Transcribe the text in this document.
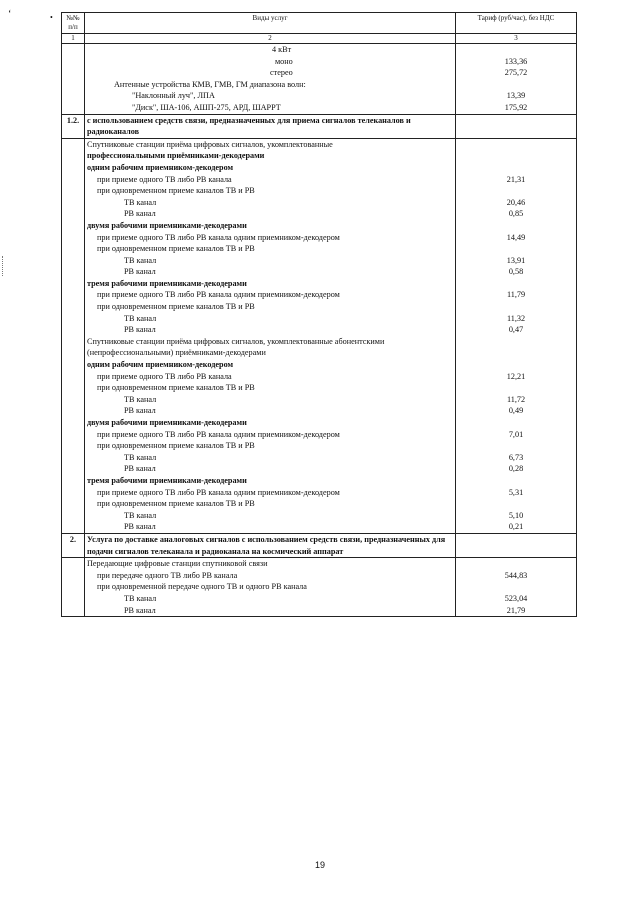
ʻ	• №№ п/п	Виды услуг	Тариф (руб/час), без НДС
1	2	3
	4 кВт	
	моно	133,36
	стерео	275,72
	Антенные устройства КМВ, ГМВ, ГМ диапазона волн:	
	"Наклонный луч", ЛПА	13,39
	"Диск", ША-106, АШП-275, АРД, ШАРРТ	175,92
1.2.	с использованием средств связи, предназначенных для приема сигналов телеканалов и радиоканалов	
	Спутниковые станции приёма цифровых сигналов, укомплектованные	
	профессиональными приёмниками-декодерами	
	одним рабочим приемником-декодером	
	при приеме одного ТВ либо РВ канала	21,31
	при одновременном приеме каналов ТВ и РВ	
	ТВ канал	20,46
	РВ канал	0,85
	двумя рабочими приемниками-декодерами	
	при приеме одного ТВ либо РВ канала одним приемником-декодером	14,49
	при одновременном приеме каналов ТВ и РВ	
	ТВ канал	13,91
	РВ канал	0,58
	тремя рабочими приемниками-декодерами	
	при приеме одного ТВ либо РВ канала одним приемником-декодером	11,79
	при одновременном приеме каналов ТВ и РВ	
	ТВ канал	11,32
	РВ канал	0,47
	Спутниковые станции приёма цифровых сигналов, укомплектованные абонентскими	
	(непрофессиональными) приёмниками-декодерами	
	одним рабочим приемником-декодером	
	при приеме одного ТВ либо РВ канала	12,21
	при одновременном приеме каналов ТВ и РВ	
	ТВ канал	11,72
	РВ канал	0,49
	двумя рабочими приемниками-декодерами	
	при приеме одного ТВ либо РВ канала одним приемником-декодером	7,01
	при одновременном приеме каналов ТВ и РВ	
	ТВ канал	6,73
	РВ канал	0,28
	тремя рабочими приемниками-декодерами	
	при приеме одного ТВ либо РВ канала одним приемником-декодером	5,31
	при одновременном приеме каналов ТВ и РВ	
	ТВ канал	5,10
	РВ канал	0,21
2.	Услуга по доставке аналоговых сигналов с использованием средств связи, предназначенных для подачи сигналов телеканала и радиоканала на космический аппарат	
	Передающие цифровые станции спутниковой связи	
	при передаче одного ТВ либо РВ канала	544,83
	при одновременной передаче одного ТВ и одного РВ канала	
	ТВ канал	523,04
	РВ канал	21,79
19
